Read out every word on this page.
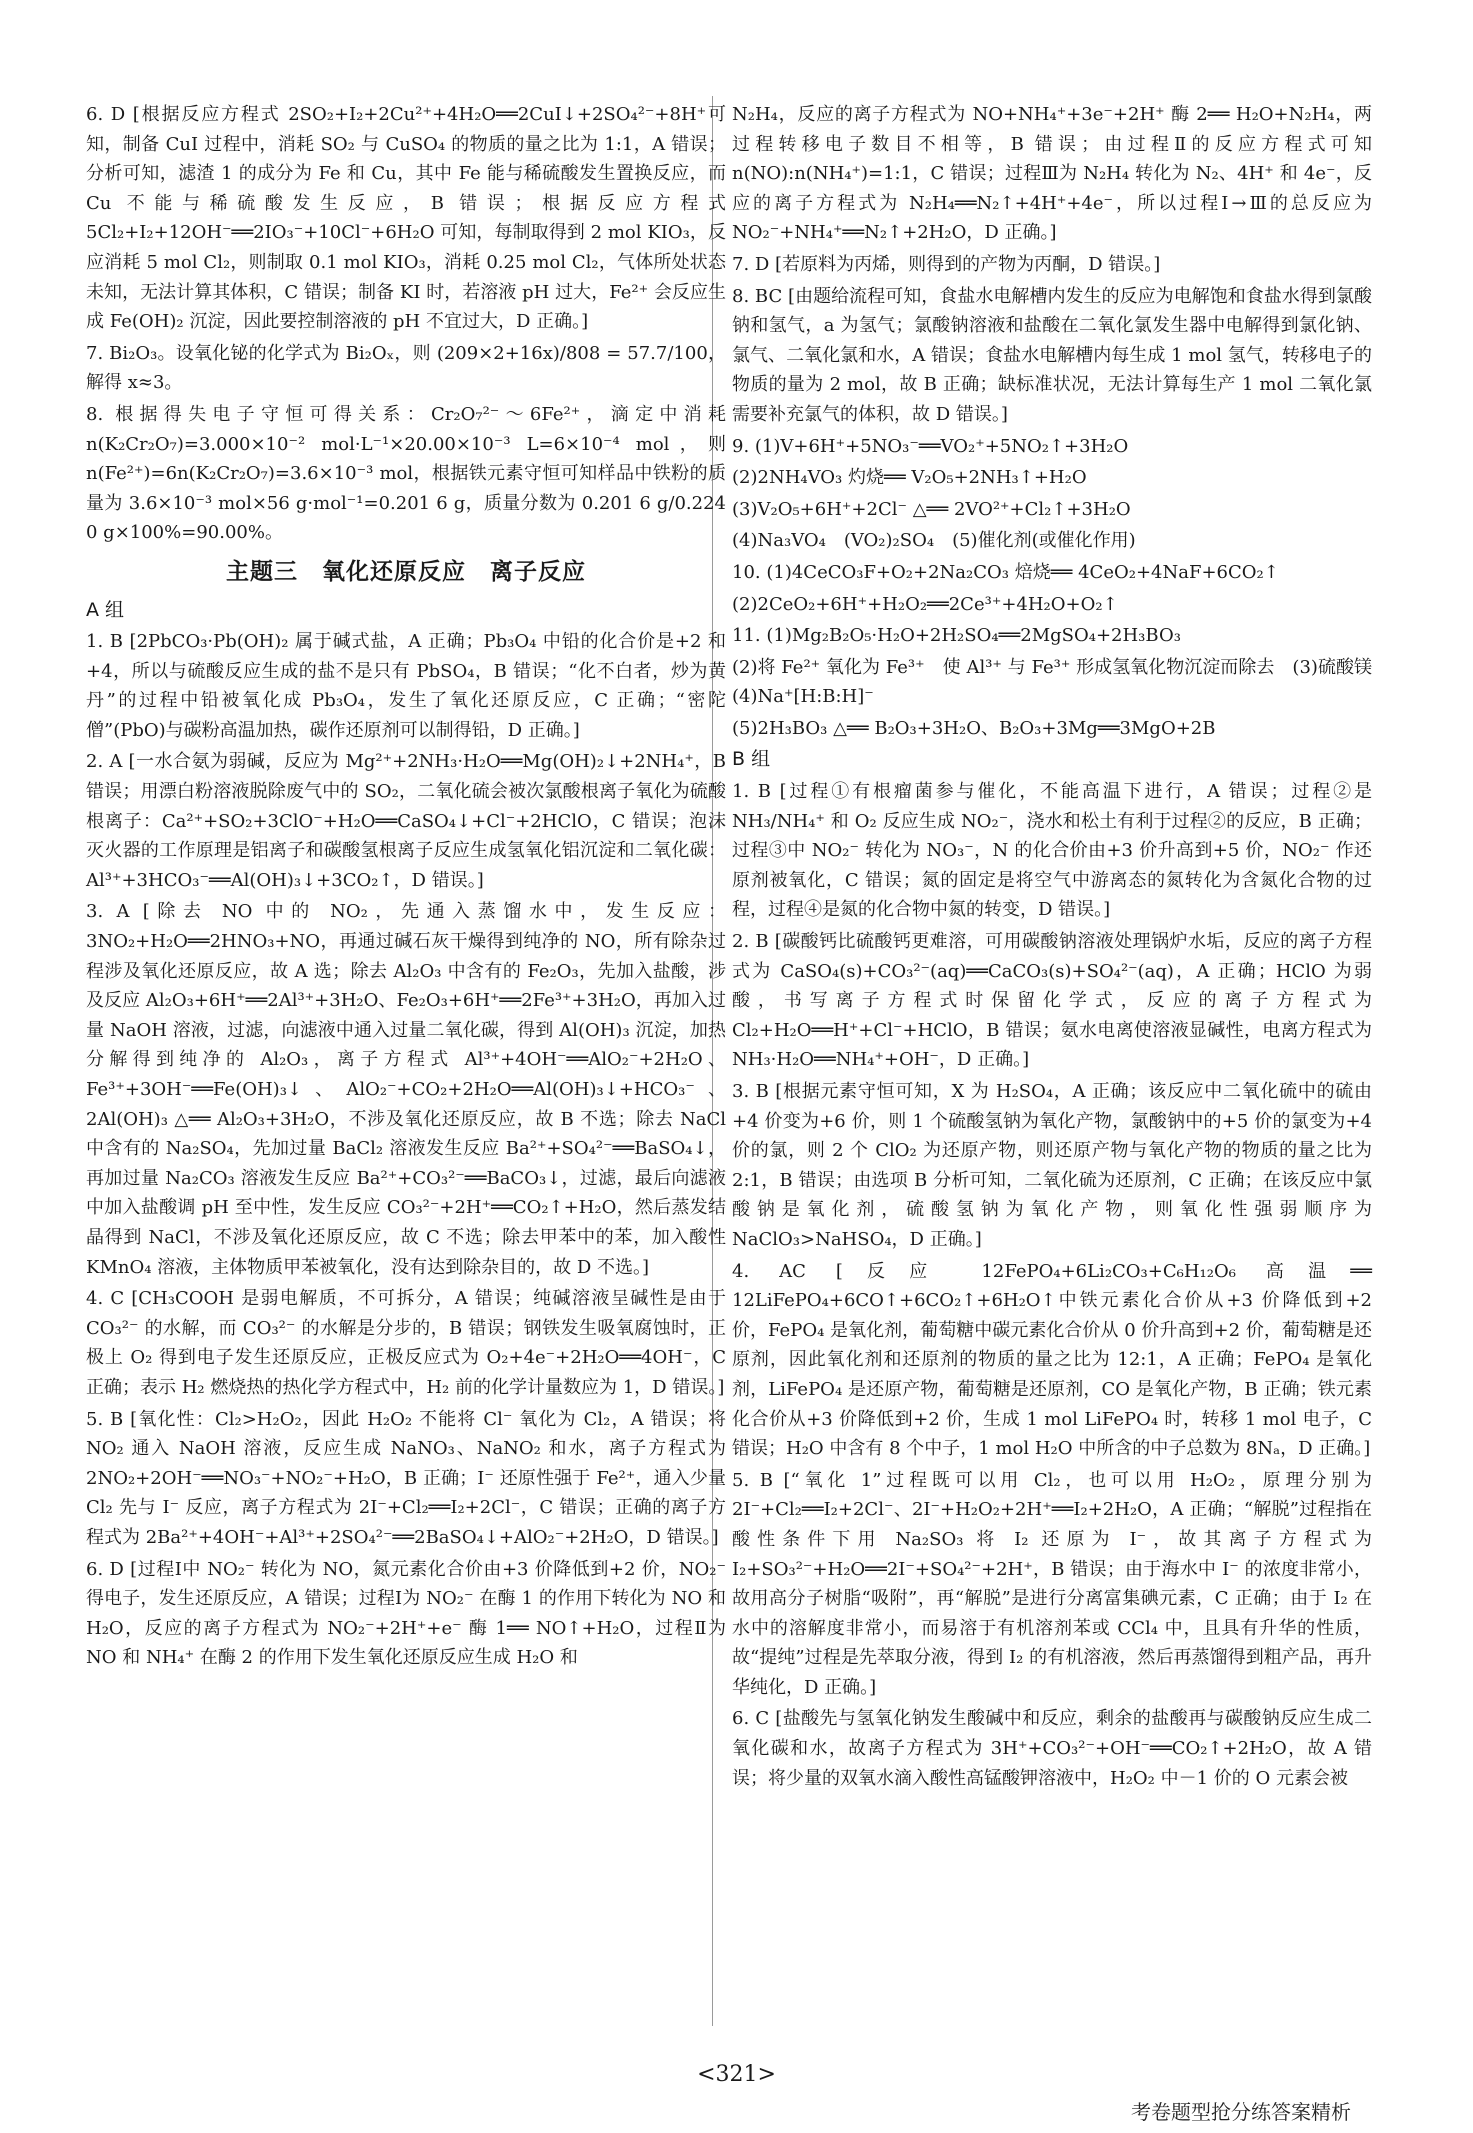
6. D [根据反应方程式 2SO₂+I₂+2Cu²⁺+4H₂O══2CuI↓+2SO₄²⁻+8H⁺可知，制备 CuI 过程中，消耗 SO₂ 与 CuSO₄ 的物质的量之比为 1:1，A 错误；分析可知，滤渣 1 的成分为 Fe 和 Cu，其中 Fe 能与稀硫酸发生置换反应，而 Cu 不能与稀硫酸发生反应，B 错误；根据反应方程式 5Cl₂+I₂+12OH⁻══2IO₃⁻+10Cl⁻+6H₂O 可知，每制取得到 2 mol KIO₃，反应消耗 5 mol Cl₂，则制取 0.1 mol KIO₃，消耗 0.25 mol Cl₂，气体所处状态未知，无法计算其体积，C 错误；制备 KI 时，若溶液 pH 过大，Fe²⁺ 会反应生成 Fe(OH)₂ 沉淀，因此要控制溶液的 pH 不宜过大，D 正确。]

7. Bi₂O₃。设氧化铋的化学式为 Bi₂Oₓ，则 (209×2+16x)/808 = 57.7/100，解得 x≈3。

8. 根据得失电子守恒可得关系：Cr₂O₇²⁻～6Fe²⁺，滴定中消耗 n(K₂Cr₂O₇)=3.000×10⁻² mol·L⁻¹×20.00×10⁻³ L=6×10⁻⁴ mol，则 n(Fe²⁺)=6n(K₂Cr₂O₇)=3.6×10⁻³ mol，根据铁元素守恒可知样品中铁粉的质量为 3.6×10⁻³ mol×56 g·mol⁻¹=0.201 6 g，质量分数为 0.201 6 g/0.224 0 g×100%=90.00%。

主题三　氧化还原反应　离子反应
A 组

1. B [2PbCO₃·Pb(OH)₂ 属于碱式盐，A 正确；Pb₃O₄ 中铅的化合价是+2 和+4，所以与硫酸反应生成的盐不是只有 PbSO₄，B 错误；“化不白者，炒为黄丹”的过程中铅被氧化成 Pb₃O₄，发生了氧化还原反应，C 正确；“密陀僧”(PbO)与碳粉高温加热，碳作还原剂可以制得铅，D 正确。]

2. A [一水合氨为弱碱，反应为 Mg²⁺+2NH₃·H₂O══Mg(OH)₂↓+2NH₄⁺，B 错误；用漂白粉溶液脱除废气中的 SO₂，二氧化硫会被次氯酸根离子氧化为硫酸根离子：Ca²⁺+SO₂+3ClO⁻+H₂O══CaSO₄↓+Cl⁻+2HClO，C 错误；泡沫灭火器的工作原理是铝离子和碳酸氢根离子反应生成氢氧化铝沉淀和二氧化碳：Al³⁺+3HCO₃⁻══Al(OH)₃↓+3CO₂↑，D 错误。]

3. A [除去 NO 中的 NO₂，先通入蒸馏水中，发生反应：3NO₂+H₂O══2HNO₃+NO，再通过碱石灰干燥得到纯净的 NO，所有除杂过程涉及氧化还原反应，故 A 选；除去 Al₂O₃ 中含有的 Fe₂O₃，先加入盐酸，涉及反应 Al₂O₃+6H⁺══2Al³⁺+3H₂O、Fe₂O₃+6H⁺══2Fe³⁺+3H₂O，再加入过量 NaOH 溶液，过滤，向滤液中通入过量二氧化碳，得到 Al(OH)₃ 沉淀，加热分解得到纯净的 Al₂O₃，离子方程式 Al³⁺+4OH⁻══AlO₂⁻+2H₂O、Fe³⁺+3OH⁻══Fe(OH)₃↓、AlO₂⁻+CO₂+2H₂O══Al(OH)₃↓+HCO₃⁻、2Al(OH)₃ △══ Al₂O₃+3H₂O，不涉及氧化还原反应，故 B 不选；除去 NaCl 中含有的 Na₂SO₄，先加过量 BaCl₂ 溶液发生反应 Ba²⁺+SO₄²⁻══BaSO₄↓，再加过量 Na₂CO₃ 溶液发生反应 Ba²⁺+CO₃²⁻══BaCO₃↓，过滤，最后向滤液中加入盐酸调 pH 至中性，发生反应 CO₃²⁻+2H⁺══CO₂↑+H₂O，然后蒸发结晶得到 NaCl，不涉及氧化还原反应，故 C 不选；除去甲苯中的苯，加入酸性 KMnO₄ 溶液，主体物质甲苯被氧化，没有达到除杂目的，故 D 不选。]

4. C [CH₃COOH 是弱电解质，不可拆分，A 错误；纯碱溶液呈碱性是由于 CO₃²⁻ 的水解，而 CO₃²⁻ 的水解是分步的，B 错误；钢铁发生吸氧腐蚀时，正极上 O₂ 得到电子发生还原反应，正极反应式为 O₂+4e⁻+2H₂O══4OH⁻，C 正确；表示 H₂ 燃烧热的热化学方程式中，H₂ 前的化学计量数应为 1，D 错误。]

5. B [氧化性：Cl₂>H₂O₂，因此 H₂O₂ 不能将 Cl⁻ 氧化为 Cl₂，A 错误；将 NO₂ 通入 NaOH 溶液，反应生成 NaNO₃、NaNO₂ 和水，离子方程式为 2NO₂+2OH⁻══NO₃⁻+NO₂⁻+H₂O，B 正确；I⁻ 还原性强于 Fe²⁺，通入少量 Cl₂ 先与 I⁻ 反应，离子方程式为 2I⁻+Cl₂══I₂+2Cl⁻，C 错误；正确的离子方程式为 2Ba²⁺+4OH⁻+Al³⁺+2SO₄²⁻══2BaSO₄↓+AlO₂⁻+2H₂O，D 错误。]

6. D [过程Ⅰ中 NO₂⁻ 转化为 NO，氮元素化合价由+3 价降低到+2 价，NO₂⁻ 得电子，发生还原反应，A 错误；过程Ⅰ为 NO₂⁻ 在酶 1 的作用下转化为 NO 和 H₂O，反应的离子方程式为 NO₂⁻+2H⁺+e⁻ 酶 1══ NO↑+H₂O，过程Ⅱ为 NO 和 NH₄⁺ 在酶 2 的作用下发生氧化还原反应生成 H₂O 和

N₂H₄，反应的离子方程式为 NO+NH₄⁺+3e⁻+2H⁺ 酶 2══ H₂O+N₂H₄，两过程转移电子数目不相等，B 错误；由过程Ⅱ的反应方程式可知 n(NO):n(NH₄⁺)=1:1，C 错误；过程Ⅲ为 N₂H₄ 转化为 N₂、4H⁺ 和 4e⁻，反应的离子方程式为 N₂H₄══N₂↑+4H⁺+4e⁻，所以过程Ⅰ→Ⅲ的总反应为 NO₂⁻+NH₄⁺══N₂↑+2H₂O，D 正确。]

7. D [若原料为丙烯，则得到的产物为丙酮，D 错误。]

8. BC [由题给流程可知，食盐水电解槽内发生的反应为电解饱和食盐水得到氯酸钠和氢气，a 为氢气；氯酸钠溶液和盐酸在二氧化氯发生器中电解得到氯化钠、氯气、二氧化氯和水，A 错误；食盐水电解槽内每生成 1 mol 氢气，转移电子的物质的量为 2 mol，故 B 正确；缺标准状况，无法计算每生产 1 mol 二氧化氯需要补充氯气的体积，故 D 错误。]

9. (1)V+6H⁺+5NO₃⁻══VO₂⁺+5NO₂↑+3H₂O

(2)2NH₄VO₃ 灼烧══ V₂O₅+2NH₃↑+H₂O

(3)V₂O₅+6H⁺+2Cl⁻ △══ 2VO²⁺+Cl₂↑+3H₂O

(4)Na₃VO₄　(VO₂)₂SO₄　(5)催化剂(或催化作用)

10. (1)4CeCO₃F+O₂+2Na₂CO₃ 焙烧══ 4CeO₂+4NaF+6CO₂↑

(2)2CeO₂+6H⁺+H₂O₂══2Ce³⁺+4H₂O+O₂↑

11. (1)Mg₂B₂O₅·H₂O+2H₂SO₄══2MgSO₄+2H₃BO₃

(2)将 Fe²⁺ 氧化为 Fe³⁺　使 Al³⁺ 与 Fe³⁺ 形成氢氧化物沉淀而除去　(3)硫酸镁　(4)Na⁺[H:B:H]⁻

(5)2H₃BO₃ △══ B₂O₃+3H₂O、B₂O₃+3Mg══3MgO+2B

B 组

1. B [过程①有根瘤菌参与催化，不能高温下进行，A 错误；过程②是 NH₃/NH₄⁺ 和 O₂ 反应生成 NO₂⁻，浇水和松土有利于过程②的反应，B 正确；过程③中 NO₂⁻ 转化为 NO₃⁻，N 的化合价由+3 价升高到+5 价，NO₂⁻ 作还原剂被氧化，C 错误；氮的固定是将空气中游离态的氮转化为含氮化合物的过程，过程④是氮的化合物中氮的转变，D 错误。]

2. B [碳酸钙比硫酸钙更难溶，可用碳酸钠溶液处理锅炉水垢，反应的离子方程式为 CaSO₄(s)+CO₃²⁻(aq)══CaCO₃(s)+SO₄²⁻(aq)，A 正确；HClO 为弱酸，书写离子方程式时保留化学式，反应的离子方程式为 Cl₂+H₂O══H⁺+Cl⁻+HClO，B 错误；氨水电离使溶液显碱性，电离方程式为 NH₃·H₂O══NH₄⁺+OH⁻，D 正确。]

3. B [根据元素守恒可知，X 为 H₂SO₄，A 正确；该反应中二氧化硫中的硫由+4 价变为+6 价，则 1 个硫酸氢钠为氧化产物，氯酸钠中的+5 价的氯变为+4 价的氯，则 2 个 ClO₂ 为还原产物，则还原产物与氧化产物的物质的量之比为 2:1，B 错误；由选项 B 分析可知，二氧化硫为还原剂，C 正确；在该反应中氯酸钠是氧化剂，硫酸氢钠为氧化产物，则氧化性强弱顺序为 NaClO₃>NaHSO₄，D 正确。]

4. AC [反应 12FePO₄+6Li₂CO₃+C₆H₁₂O₆ 高温══ 12LiFePO₄+6CO↑+6CO₂↑+6H₂O↑中铁元素化合价从+3 价降低到+2 价，FePO₄ 是氧化剂，葡萄糖中碳元素化合价从 0 价升高到+2 价，葡萄糖是还原剂，因此氧化剂和还原剂的物质的量之比为 12:1，A 正确；FePO₄ 是氧化剂，LiFePO₄ 是还原产物，葡萄糖是还原剂，CO 是氧化产物，B 正确；铁元素化合价从+3 价降低到+2 价，生成 1 mol LiFePO₄ 时，转移 1 mol 电子，C 错误；H₂O 中含有 8 个中子，1 mol H₂O 中所含的中子总数为 8Nₐ，D 正确。]

5. B [“氧化 1”过程既可以用 Cl₂，也可以用 H₂O₂，原理分别为 2I⁻+Cl₂══I₂+2Cl⁻、2I⁻+H₂O₂+2H⁺══I₂+2H₂O，A 正确；“解脱”过程指在酸性条件下用 Na₂SO₃ 将 I₂ 还原为 I⁻，故其离子方程式为 I₂+SO₃²⁻+H₂O══2I⁻+SO₄²⁻+2H⁺，B 错误；由于海水中 I⁻ 的浓度非常小，故用高分子树脂“吸附”，再“解脱”是进行分离富集碘元素，C 正确；由于 I₂ 在水中的溶解度非常小，而易溶于有机溶剂苯或 CCl₄ 中，且具有升华的性质，故“提纯”过程是先萃取分液，得到 I₂ 的有机溶液，然后再蒸馏得到粗产品，再升华纯化，D 正确。]

6. C [盐酸先与氢氧化钠发生酸碱中和反应，剩余的盐酸再与碳酸钠反应生成二氧化碳和水，故离子方程式为 3H⁺+CO₃²⁻+OH⁻══CO₂↑+2H₂O，故 A 错误；将少量的双氧水滴入酸性高锰酸钾溶液中，H₂O₂ 中－1 价的 O 元素会被

<321>
考卷题型抢分练答案精析
